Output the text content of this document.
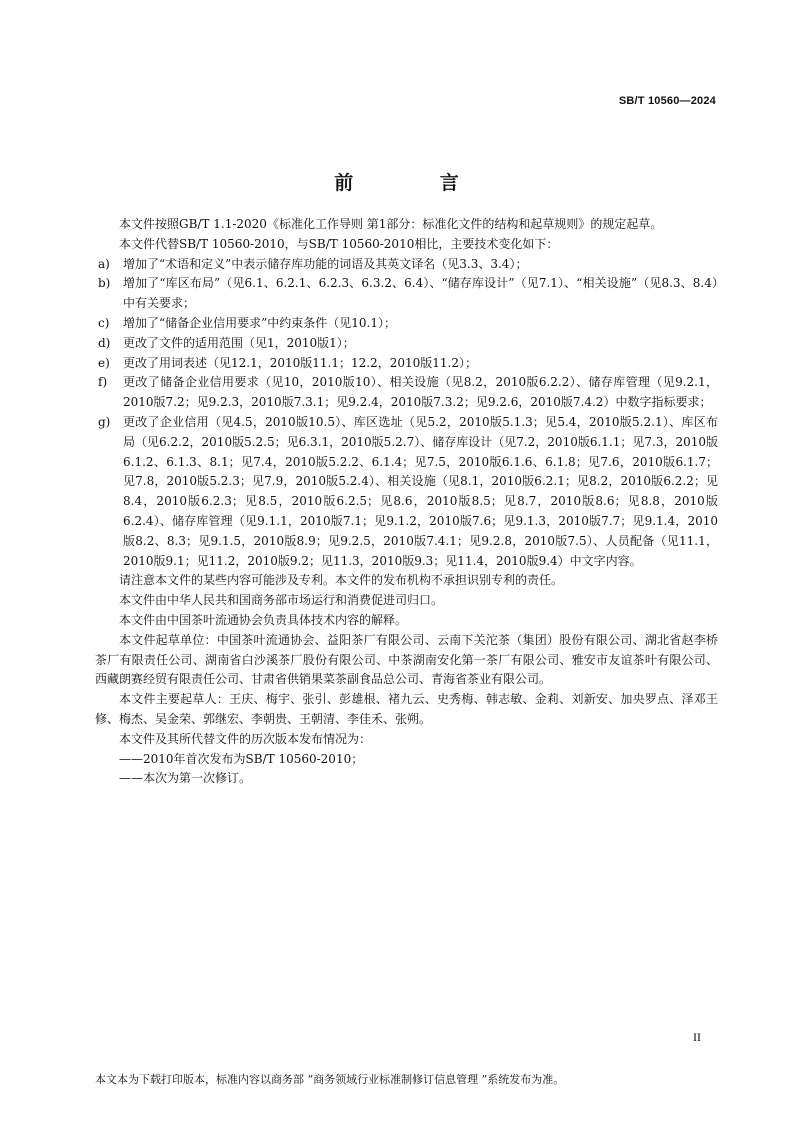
SB/T 10560—2024
前 言
本文件按照GB/T 1.1-2020《标准化工作导则 第1部分：标准化文件的结构和起草规则》的规定起草。
本文件代替SB/T 10560-2010，与SB/T 10560-2010相比，主要技术变化如下：
a)	增加了“术语和定义”中表示储存库功能的词语及其英文译名（见3.3、3.4）；
b)	增加了“库区布局”（见6.1、6.2.1、6.2.3、6.3.2、6.4）、“储存库设计”（见7.1）、“相关设施”（见8.3、8.4）中有关要求；
c)	增加了“储备企业信用要求”中约束条件（见10.1）；
d)	更改了文件的适用范围（见1，2010版1）；
e)	更改了用词表述（见12.1，2010版11.1；12.2，2010版11.2）；
f)	更改了储备企业信用要求（见10，2010版10）、相关设施（见8.2，2010版6.2.2）、储存库管理（见9.2.1，2010版7.2；见9.2.3，2010版7.3.1；见9.2.4，2010版7.3.2；见9.2.6，2010版7.4.2）中数字指标要求；
g)	更改了企业信用（见4.5，2010版10.5）、库区选址（见5.2，2010版5.1.3；见5.4，2010版5.2.1）、库区布局（见6.2.2，2010版5.2.5；见6.3.1，2010版5.2.7）、储存库设计（见7.2，2010版6.1.1；见7.3，2010版6.1.2、6.1.3、8.1；见7.4，2010版5.2.2、6.1.4；见7.5，2010版6.1.6、6.1.8；见7.6，2010版6.1.7；见7.8，2010版5.2.3；见7.9，2010版5.2.4）、相关设施（见8.1，2010版6.2.1；见8.2，2010版6.2.2；见8.4，2010版6.2.3；见8.5，2010版6.2.5；见8.6，2010版8.5；见8.7，2010版8.6；见8.8，2010版6.2.4）、储存库管理（见9.1.1，2010版7.1；见9.1.2，2010版7.6；见9.1.3，2010版7.7；见9.1.4，2010版8.2、8.3；见9.1.5，2010版8.9；见9.2.5，2010版7.4.1；见9.2.8，2010版7.5）、人员配备（见11.1，2010版9.1；见11.2，2010版9.2；见11.3，2010版9.3；见11.4，2010版9.4）中文字内容。
请注意本文件的某些内容可能涉及专利。本文件的发布机构不承担识别专利的责任。
本文件由中华人民共和国商务部市场运行和消费促进司归口。
本文件由中国茶叶流通协会负责具体技术内容的解释。
本文件起草单位：中国茶叶流通协会、益阳茶厂有限公司、云南下关沱茶（集团）股份有限公司、湖北省赵李桥茶厂有限责任公司、湖南省白沙溪茶厂股份有限公司、中茶湖南安化第一茶厂有限公司、雅安市友谊茶叶有限公司、西藏朗赛经贸有限责任公司、甘肃省供销果菜茶副食品总公司、青海省茶业有限公司。
本文件主要起草人：王庆、梅宇、张引、彭雄根、褚九云、史秀梅、韩志敏、金莉、刘新安、加央罗点、泽邓王修、梅杰、吴金荣、郭继宏、李朝贵、王朝清、李佳禾、张朔。
本文件及其所代替文件的历次版本发布情况为：
——2010年首次发布为SB/T 10560-2010；
——本次为第一次修订。
II
本文本为下载打印版本，标准内容以商务部 “商务领域行业标准制修订信息管理 ”系统发布为准。
